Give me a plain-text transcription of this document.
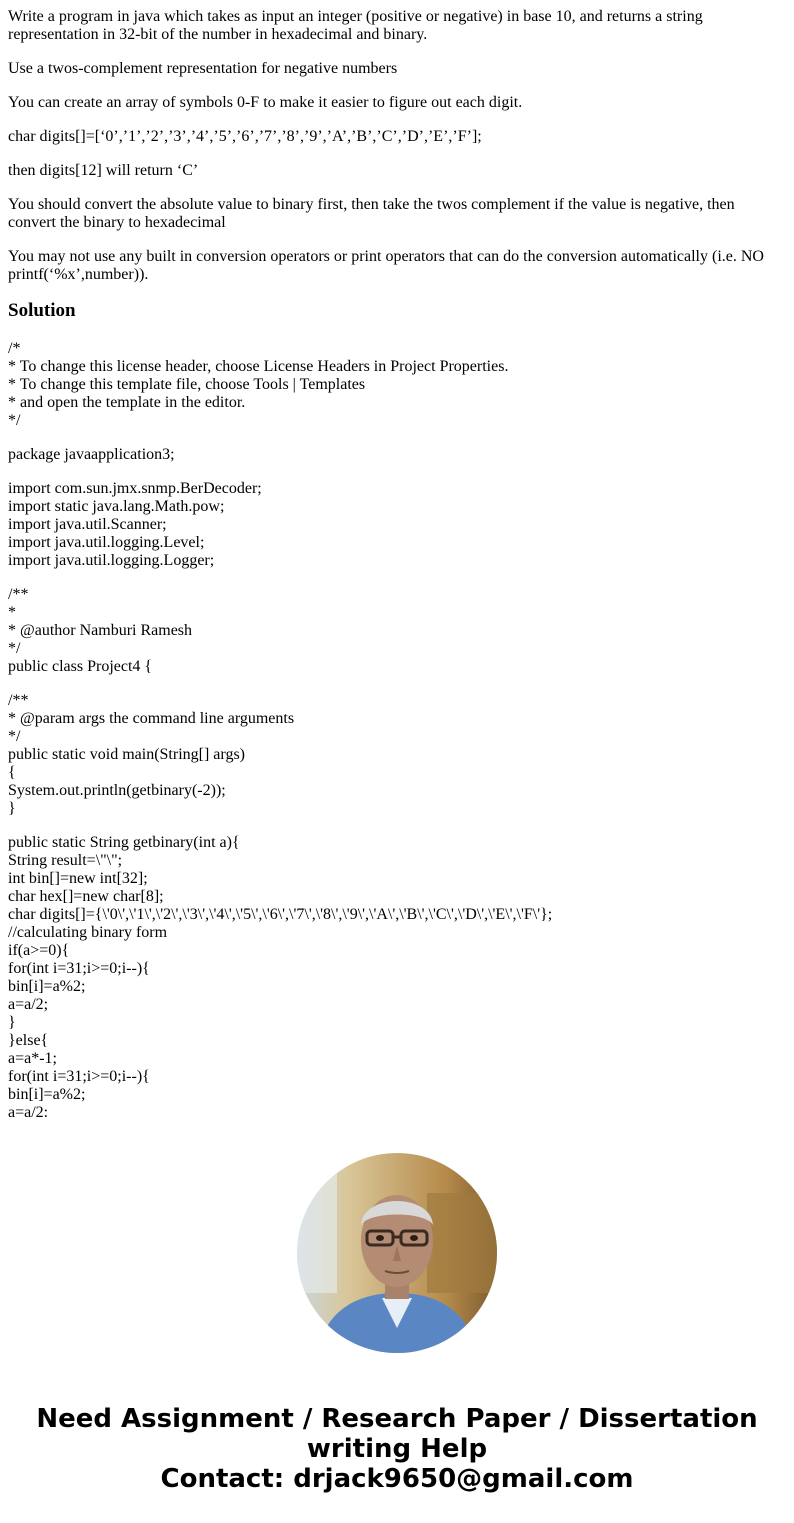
Write a program in java which takes as input an integer (positive or negative) in base 10, and returns a string representation in 32-bit of the number in hexadecimal and binary.

Use a twos-complement representation for negative numbers

You can create an array of symbols 0-F to make it easier to figure out each digit.

char digits[]=[‘0’,’1’,’2’,’3’,’4’,’5’,’6’,’7’,’8’,’9’,’A’,’B’,’C’,’D’,’E’,’F’];

then digits[12] will return ‘C’

You should convert the absolute value to binary first, then take the twos complement if the value is negative, then convert the binary to hexadecimal

You may not use any built in conversion operators or print operators that can do the conversion automatically (i.e. NO printf(‘%x’,number)).

Solution

/*
* To change this license header, choose License Headers in Project Properties.
* To change this template file, choose Tools | Templates
* and open the template in the editor.
*/

package javaapplication3;

import com.sun.jmx.snmp.BerDecoder;
import static java.lang.Math.pow;
import java.util.Scanner;
import java.util.logging.Level;
import java.util.logging.Logger;

/**
*
* @author Namburi Ramesh
*/
public class Project4 {

/**
* @param args the command line arguments
*/
public static void main(String[] args)
{
System.out.println(getbinary(-2));
}

public static String getbinary(int a){
String result=\"\";
int bin[]=new int[32];
char hex[]=new char[8];
char digits[]={\'0\',\'1\',\'2\',\'3\',\'4\',\'5\',\'6\',\'7\',\'8\',\'9\',\'A\',\'B\',\'C\',\'D\',\'E\',\'F\'};
//calculating binary form
if(a>=0){
for(int i=31;i>=0;i--){
bin[i]=a%2;
a=a/2;
}
}else{
a=a*-1;
for(int i=31;i>=0;i--){
bin[i]=a%2;
a=a/2:

Need Assignment / Research Paper / Dissertation
writing Help
Contact: drjack9650@gmail.com
